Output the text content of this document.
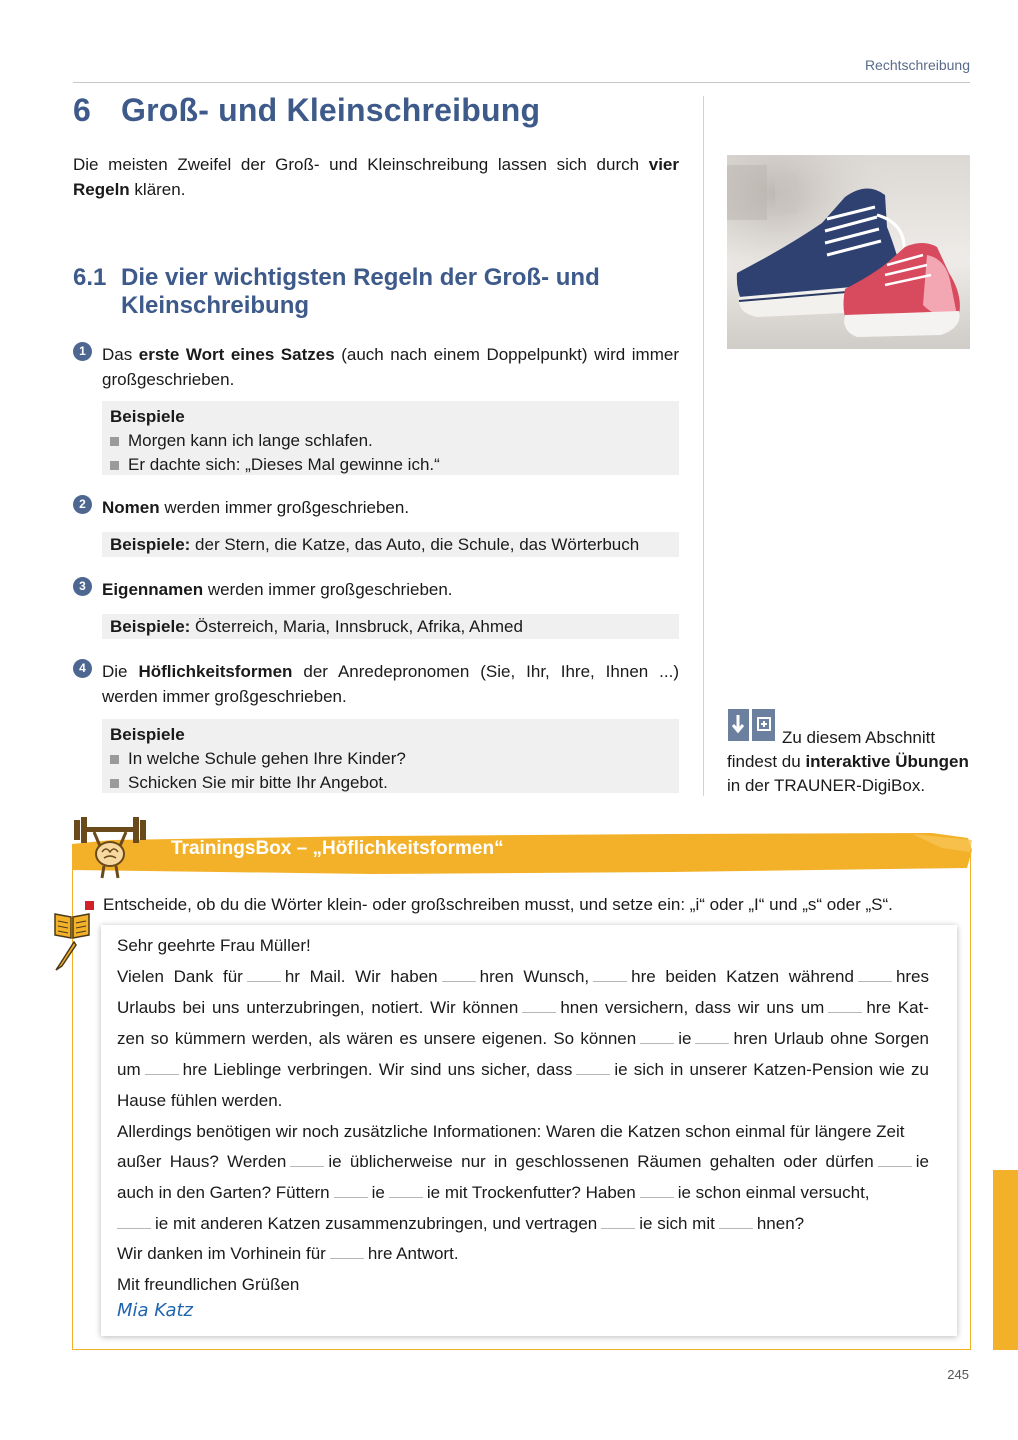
Rechtschreibung
6 Groß- und Kleinschreibung
Die meisten Zweifel der Groß- und Kleinschreibung lassen sich durch vier Regeln klären.
6.1 Die vier wichtigsten Regeln der Groß- und Kleinschreibung
1 Das erste Wort eines Satzes (auch nach einem Doppelpunkt) wird immer großgeschrieben.
Beispiele
Morgen kann ich lange schlafen.
Er dachte sich: „Dieses Mal gewinne ich.“
2 Nomen werden immer großgeschrieben.
Beispiele: der Stern, die Katze, das Auto, die Schule, das Wörterbuch
3 Eigennamen werden immer großgeschrieben.
Beispiele: Österreich, Maria, Innsbruck, Afrika, Ahmed
4 Die Höflichkeitsformen der Anredepronomen (Sie, Ihr, Ihre, Ihnen ...) werden immer großgeschrieben.
Beispiele
In welche Schule gehen Ihre Kinder?
Schicken Sie mir bitte Ihr Angebot.
Zu diesem Abschnitt findest du interaktive Übungen in der TRAUNER-DigiBox.
TrainingsBox – „Höflichkeitsformen“
Entscheide, ob du die Wörter klein- oder großschreiben musst, und setze ein: „i“ oder „I“ und „s“ oder „S“.
Sehr geehrte Frau Müller!
Vielen Dank für hr Mail. Wir haben hren Wunsch, hre beiden Katzen während hres
Urlaubs bei uns unterzubringen, notiert. Wir können hnen versichern, dass wir uns um hre Kat-
zen so kümmern werden, als wären es unsere eigenen. So können ie hren Urlaub ohne Sorgen
um hre Lieblinge verbringen. Wir sind uns sicher, dass ie sich in unserer Katzen-Pension wie zu
Hause fühlen werden.
Allerdings benötigen wir noch zusätzliche Informationen: Waren die Katzen schon einmal für längere Zeit
außer Haus? Werden ie üblicherweise nur in geschlossenen Räumen gehalten oder dürfen ie
auch in den Garten? Füttern ie ie mit Trockenfutter? Haben ie schon einmal versucht,
ie mit anderen Katzen zusammenzubringen, und vertragen ie sich mit hnen?
Wir danken im Vorhinein für hre Antwort.
Mit freundlichen Grüßen
Mia Katz
245
